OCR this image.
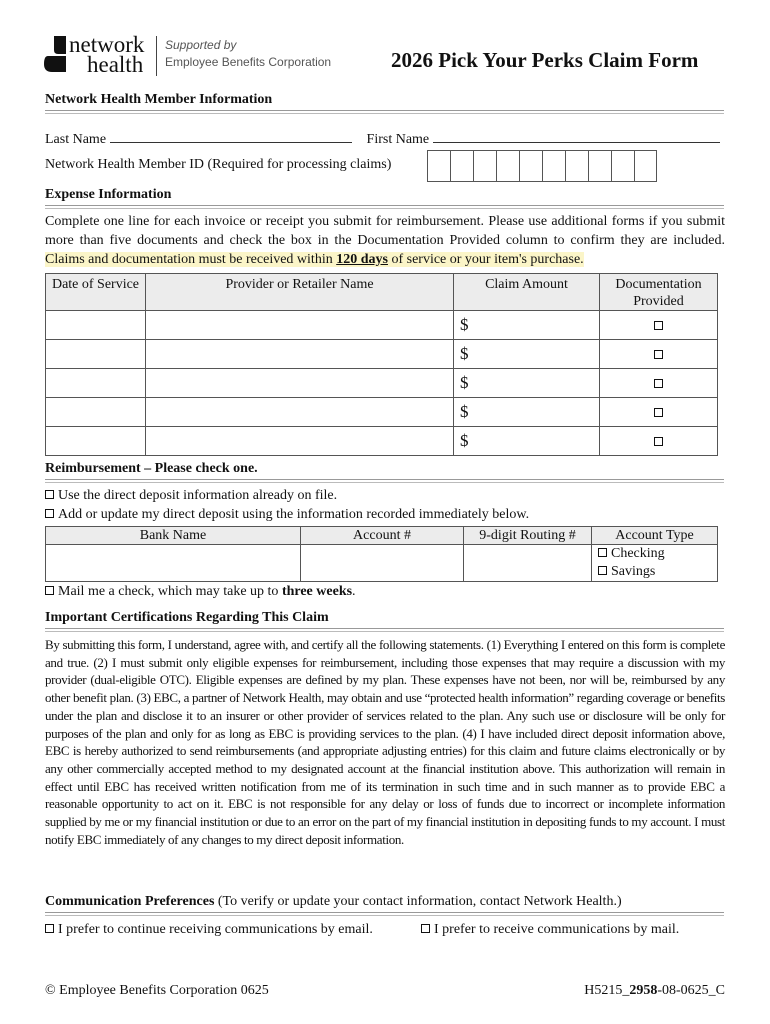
network
health
Supported by
Employee Benefits Corporation	2026 Pick Your Perks Claim Form
Network Health Member Information
Last Name	First Name
Network Health Member ID (Required for processing claims)
Expense Information
Complete one line for each invoice or receipt you submit for reimbursement. Please use additional forms if you submit more than five documents and check the box in the Documentation Provided column to confirm they are included. Claims and documentation must be received within 120 days of service or your item's purchase.
Date of Service	Provider or Retailer Name	Claim Amount	Documentation Provided
		$	
		$	
		$	
		$	
		$	
Reimbursement – Please check one.
Use the direct deposit information already on file.
Add or update my direct deposit using the information recorded immediately below.
Bank Name	Account #	9-digit Routing #	Account Type

			Checking
Savings
Mail me a check, which may take up to three weeks.
Important Certifications Regarding This Claim
By submitting this form, I understand, agree with, and certify all the following statements. (1) Everything I entered on this form is complete and true. (2) I must submit only eligible expenses for reimbursement, including those expenses that may require a discussion with my provider (dual-eligible OTC). Eligible expenses are defined by my plan. These expenses have not been, nor will be, reimbursed by any other benefit plan. (3) EBC, a partner of Network Health, may obtain and use “protected health information” regarding coverage or benefits under the plan and disclose it to an insurer or other provider of services related to the plan. Any such use or disclosure will be only for purposes of the plan and only for as long as EBC is providing services to the plan. (4) I have included direct deposit information above, EBC is hereby authorized to send reimbursements (and appropriate adjusting entries) for this claim and future claims electronically or by any other commercially accepted method to my designated account at the financial institution above. This authorization will remain in effect until EBC has received written notification from me of its termination in such time and in such manner as to provide EBC a reasonable opportunity to act on it. EBC is not responsible for any delay or loss of funds due to incorrect or incomplete information supplied by me or my financial institution or due to an error on the part of my financial institution in depositing funds to my account. I must notify EBC immediately of any changes to my direct deposit information.
Communication Preferences (To verify or update your contact information, contact Network Health.)
I prefer to continue receiving communications by email.	I prefer to receive communications by mail.
© Employee Benefits Corporation 0625	H5215_2958-08-0625_C
